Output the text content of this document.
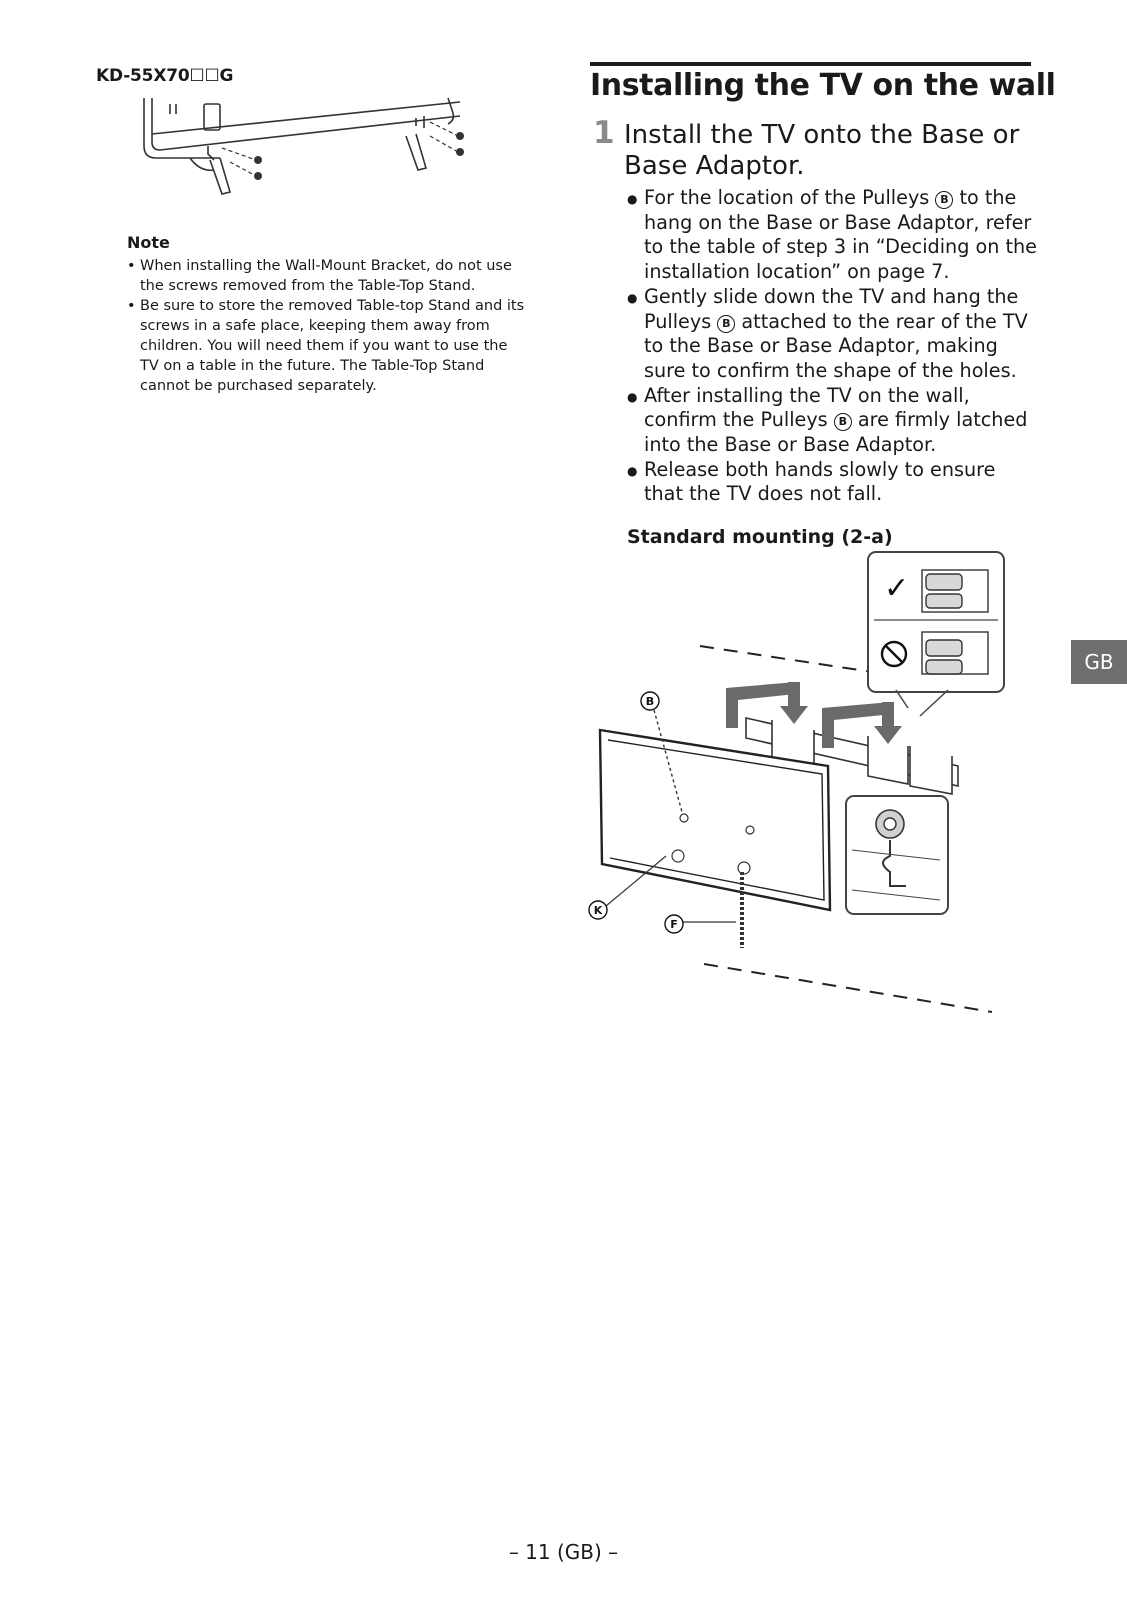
KD-55X70☐☐G
Note
• When installing the Wall-Mount Bracket, do not use the screws removed from the Table-Top Stand.
• Be sure to store the removed Table-top Stand and its screws in a safe place, keeping them away from children. You will need them if you want to use the TV on a table in the future. The Table-Top Stand cannot be purchased separately.
Installing the TV on the wall
1 Install the TV onto the Base or Base Adaptor.
● For the location of the Pulleys B to the hang on the Base or Base Adaptor, refer to the table of step 3 in “Deciding on the installation location” on page 7.
● Gently slide down the TV and hang the Pulleys B attached to the rear of the TV to the Base or Base Adaptor, making sure to confirm the shape of the holes.
● After installing the TV on the wall, confirm the Pulleys B are firmly latched into the Base or Base Adaptor.
● Release both hands slowly to ensure that the TV does not fall.
Standard mounting (2-a)
✓
B
K
F
GB
– 11 (GB) –
